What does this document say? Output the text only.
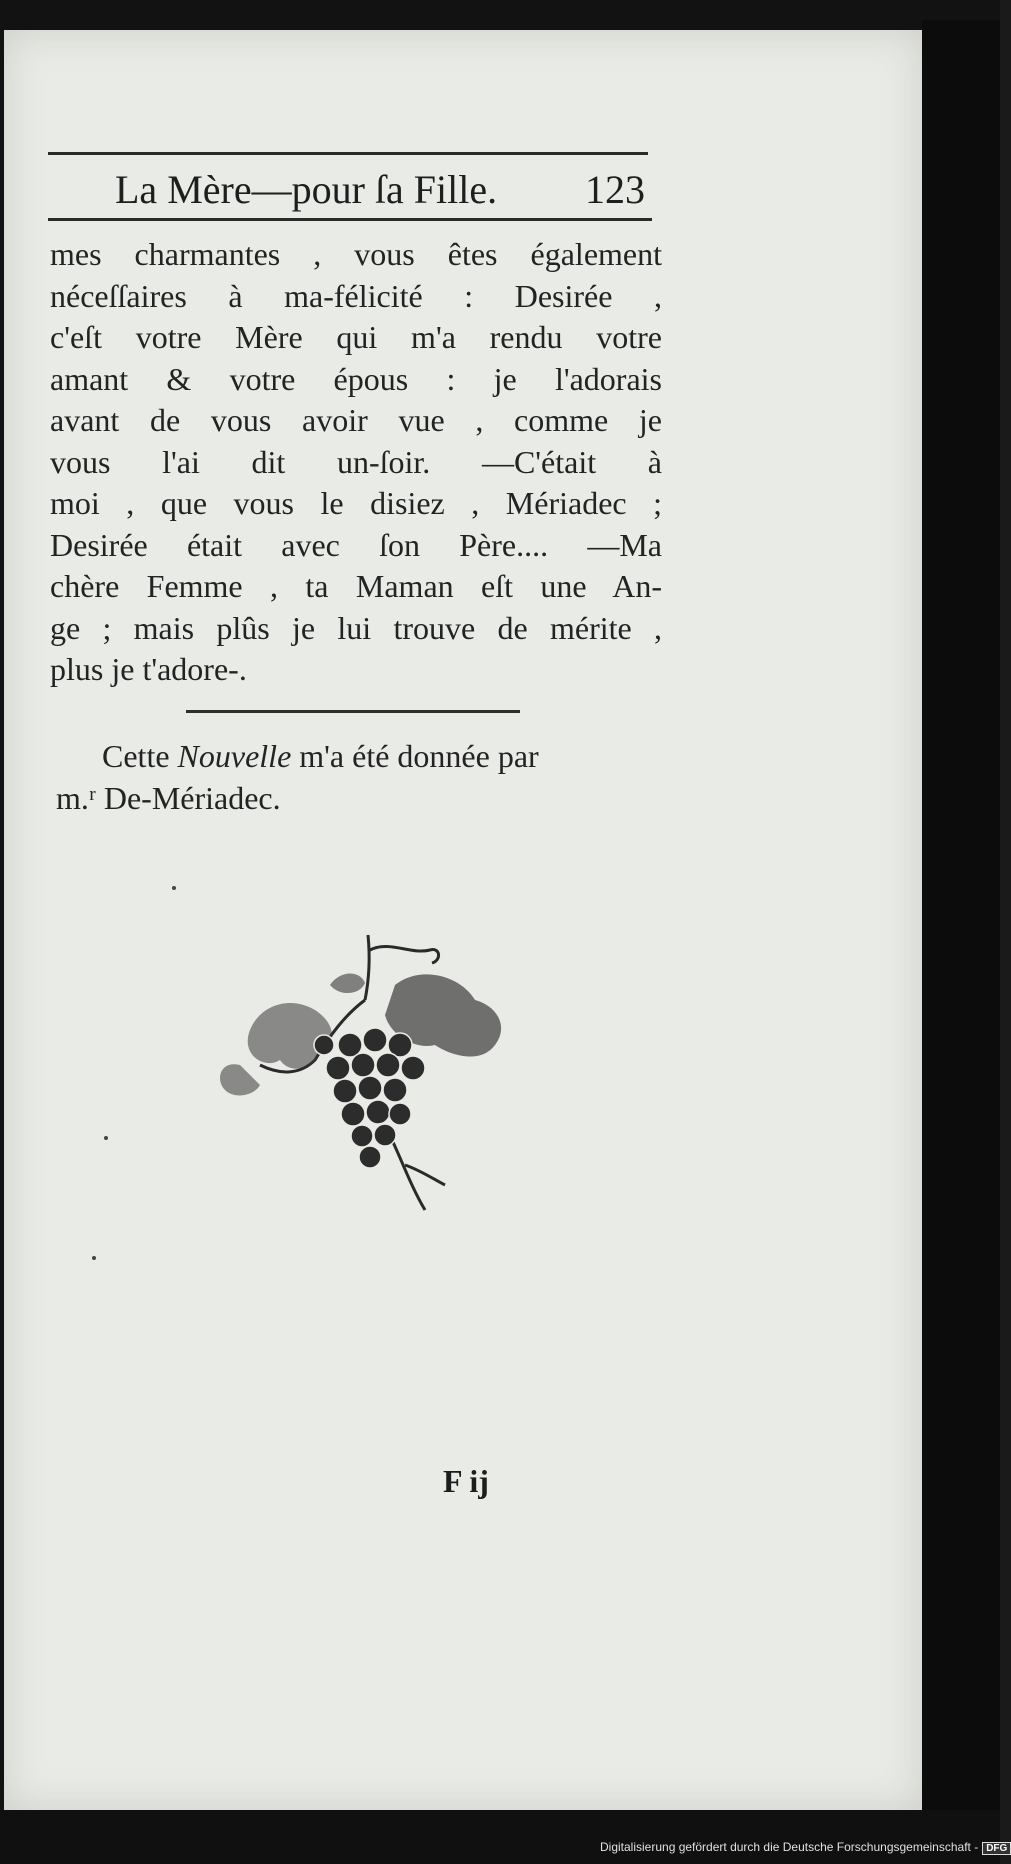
La Mère—pour ſa Fille. 123
mes charmantes , vous êtes également
néceſſaires à ma-félicité : Desirée ,
c'eſt votre Mère qui m'a rendu votre
amant & votre épous : je l'adorais
avant de vous avoir vue , comme je
vous l'ai dit un-ſoir. —C'était à
moi , que vous le disiez , Mériadec ;
Desirée était avec ſon Père.... —Ma
chère Femme , ta Maman eſt une An-
ge ; mais plûs je lui trouve de mérite ,
plus je t'adore-.
Cette Nouvelle m'a été donnée par
m.ʳ De-Mériadec.
F ij
Digitalisierung gefördert durch die Deutsche Forschungsgemeinschaft - DFG
